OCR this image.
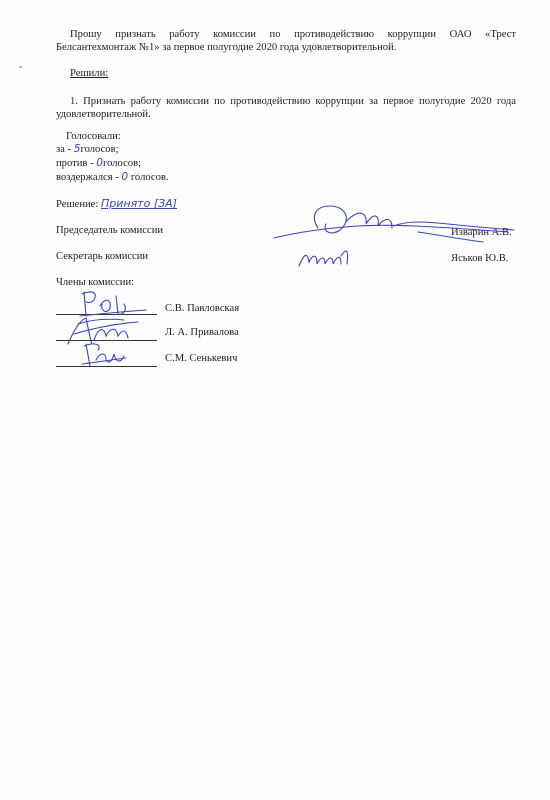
Прошу признать работу комиссии по противодействию коррупции ОАО «Трест
Белсантехмонтаж №1» за первое полугодие 2020 года удовлетворительной.
Решили:
1. Признать работу комиссии по противодействию коррупции за первое полугодие 2020 года
удовлетворительной.
Голосовали:
за - 5голосов;
против - 0голосов;
воздержался - 0 голосов.
Решение: Принято [ЗА]
Председатель комиссии	Изварин А.В.
Секретарь комиссии	Яськов Ю.В.
Члены комиссии:
С.В. Павловская
Л. А. Привалова
С.М. Сенькевич
